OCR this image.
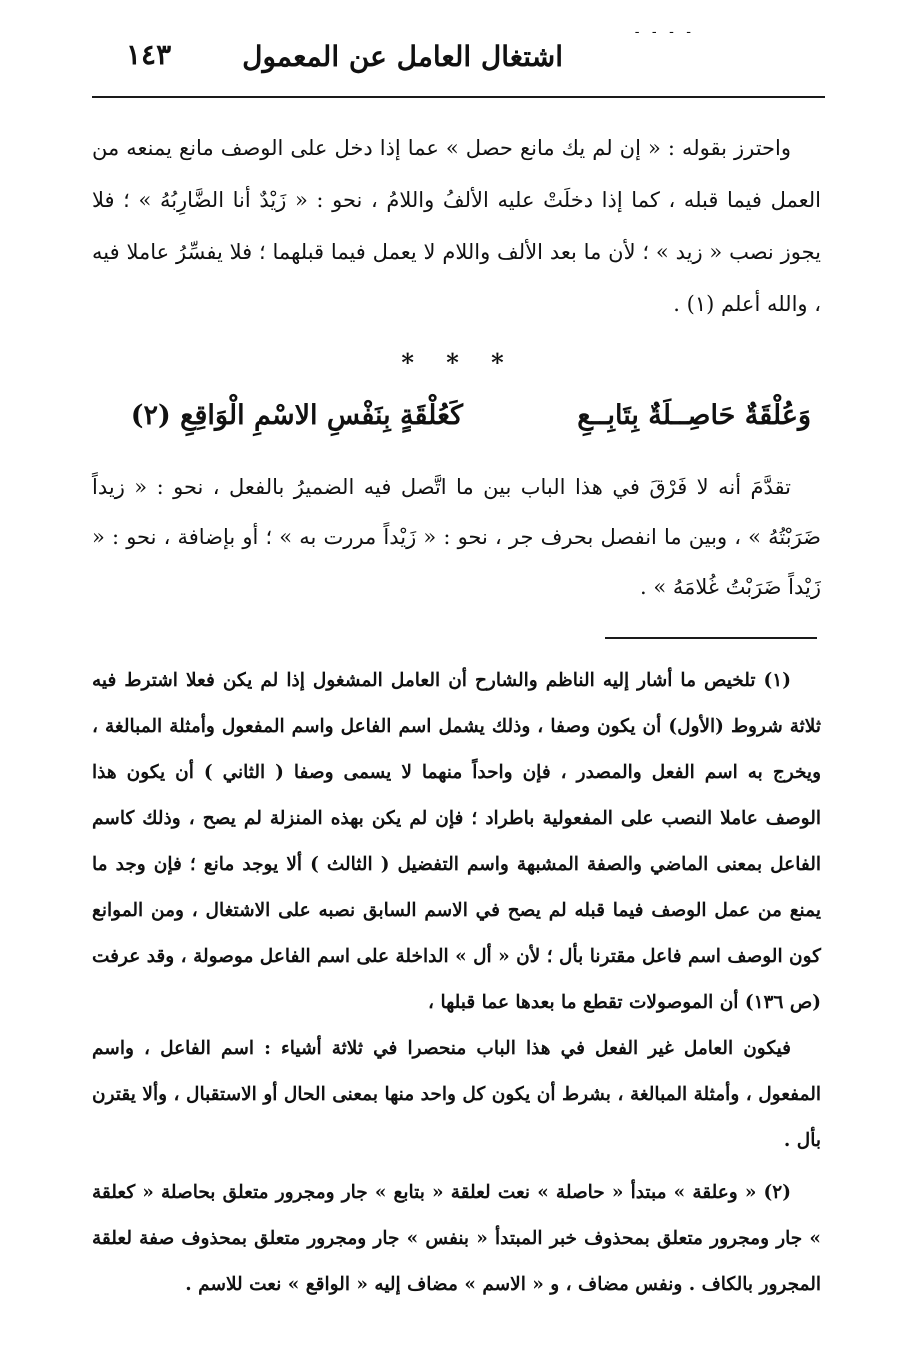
- - - -
اشتغال العامل عن المعمول
١٤٣

واحترز بقوله : « إن لم يك مانع حصل » عما إذا دخل على الوصف مانع يمنعه من العمل فيما قبله ، كما إذا دخلَتْ عليه الألفُ واللامُ ، نحو : « زَيْدٌ أنا الضَّارِبُهُ » ؛ فلا يجوز نصب « زيد » ؛ لأن ما بعد الألف واللام لا يعمل فيما قبلهما ؛ فلا يفسِّرُ عاملا فيه ، والله أعلم (١) .

* * *
وَعُلْقَةٌ حَاصِــلَةٌ بِتَابِــعِ
كَعُلْقَةٍ بِنَفْسِ الاسْمِ الْوَاقِعِ (٢)

تقدَّمَ أنه لا فَرْقَ في هذا الباب بين ما اتَّصل فيه الضميرُ بالفعل ، نحو : « زيداً ضَرَبْتُهُ » ، وبين ما انفصل بحرف جر ، نحو : « زَيْداً مررت به » ؛ أو بإضافة ، نحو : « زَيْداً ضَرَبْتُ غُلامَهُ » .

(١) تلخيص ما أشار إليه الناظم والشارح أن العامل المشغول إذا لم يكن فعلا اشترط فيه ثلاثة شروط (الأول) أن يكون وصفا ، وذلك يشمل اسم الفاعل واسم المفعول وأمثلة المبالغة ، ويخرج به اسم الفعل والمصدر ، فإن واحداً منهما لا يسمى وصفا ( الثاني ) أن يكون هذا الوصف عاملا النصب على المفعولية باطراد ؛ فإن لم يكن بهذه المنزلة لم يصح ، وذلك كاسم الفاعل بمعنى الماضي والصفة المشبهة واسم التفضيل ( الثالث ) ألا يوجد مانع ؛ فإن وجد ما يمنع من عمل الوصف فيما قبله لم يصح في الاسم السابق نصبه على الاشتغال ، ومن الموانع كون الوصف اسم فاعل مقترنا بأل ؛ لأن « أل » الداخلة على اسم الفاعل موصولة ، وقد عرفت (ص ١٣٦) أن الموصولات تقطع ما بعدها عما قبلها ،

فيكون العامل غير الفعل في هذا الباب منحصرا في ثلاثة أشياء : اسم الفاعل ، واسم المفعول ، وأمثلة المبالغة ، بشرط أن يكون كل واحد منها بمعنى الحال أو الاستقبال ، وألا يقترن بأل .

(٢) « وعلقة » مبتدأ « حاصلة » نعت لعلقة « بتابع » جار ومجرور متعلق بحاصلة « كعلقة » جار ومجرور متعلق بمحذوف خبر المبتدأ « بنفس » جار ومجرور متعلق بمحذوف صفة لعلقة المجرور بالكاف . ونفس مضاف ، و « الاسم » مضاف إليه « الواقع » نعت للاسم .
